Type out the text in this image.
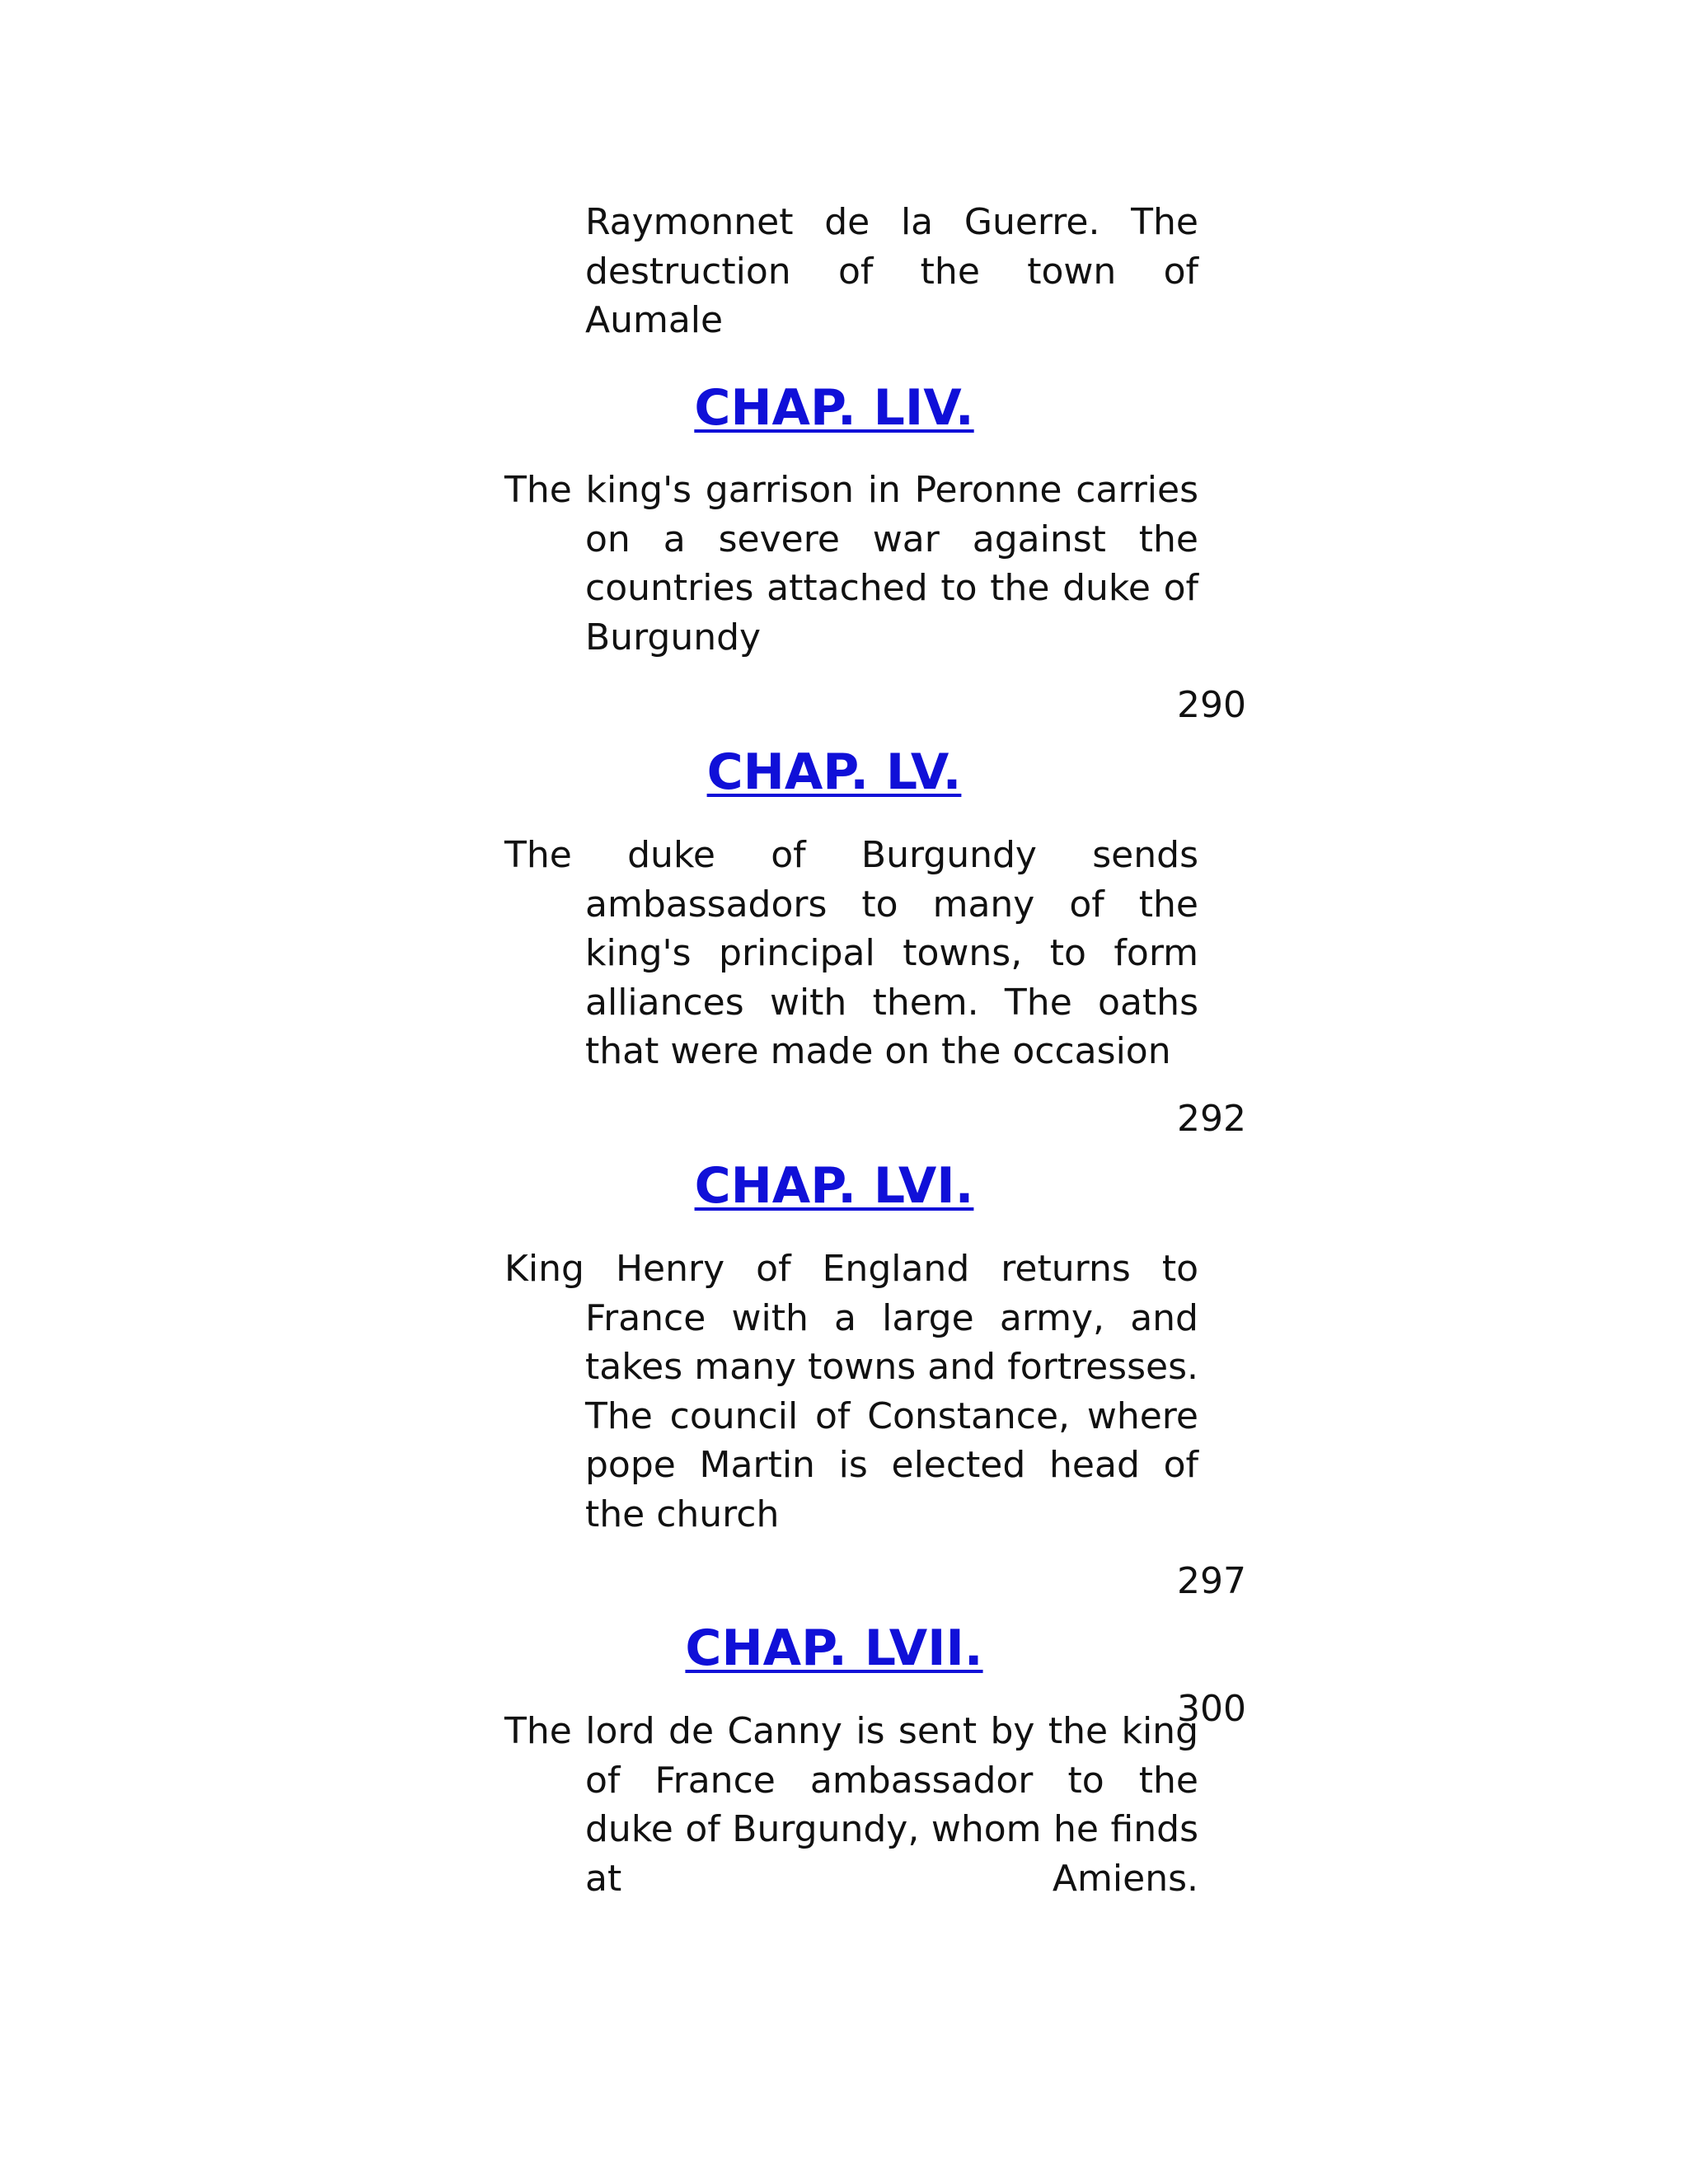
Raymonnet de la Guerre. The destruction of the town of Aumale

CHAP. LIV.

The king's garrison in Peronne carries on a severe war against the countries attached to the duke of Burgundy

290

CHAP. LV.

The duke of Burgundy sends ambassadors to many of the king's principal towns, to form alliances with them. The oaths that were made on the occasion

292

CHAP. LVI.

King Henry of England returns to France with a large army, and takes many towns and fortresses. The council of Constance, where pope Martin is elected head of the church

297

CHAP. LVII.

300

The lord de Canny is sent by the king of France ambassador to the duke of Burgundy, whom he finds at Amiens.
